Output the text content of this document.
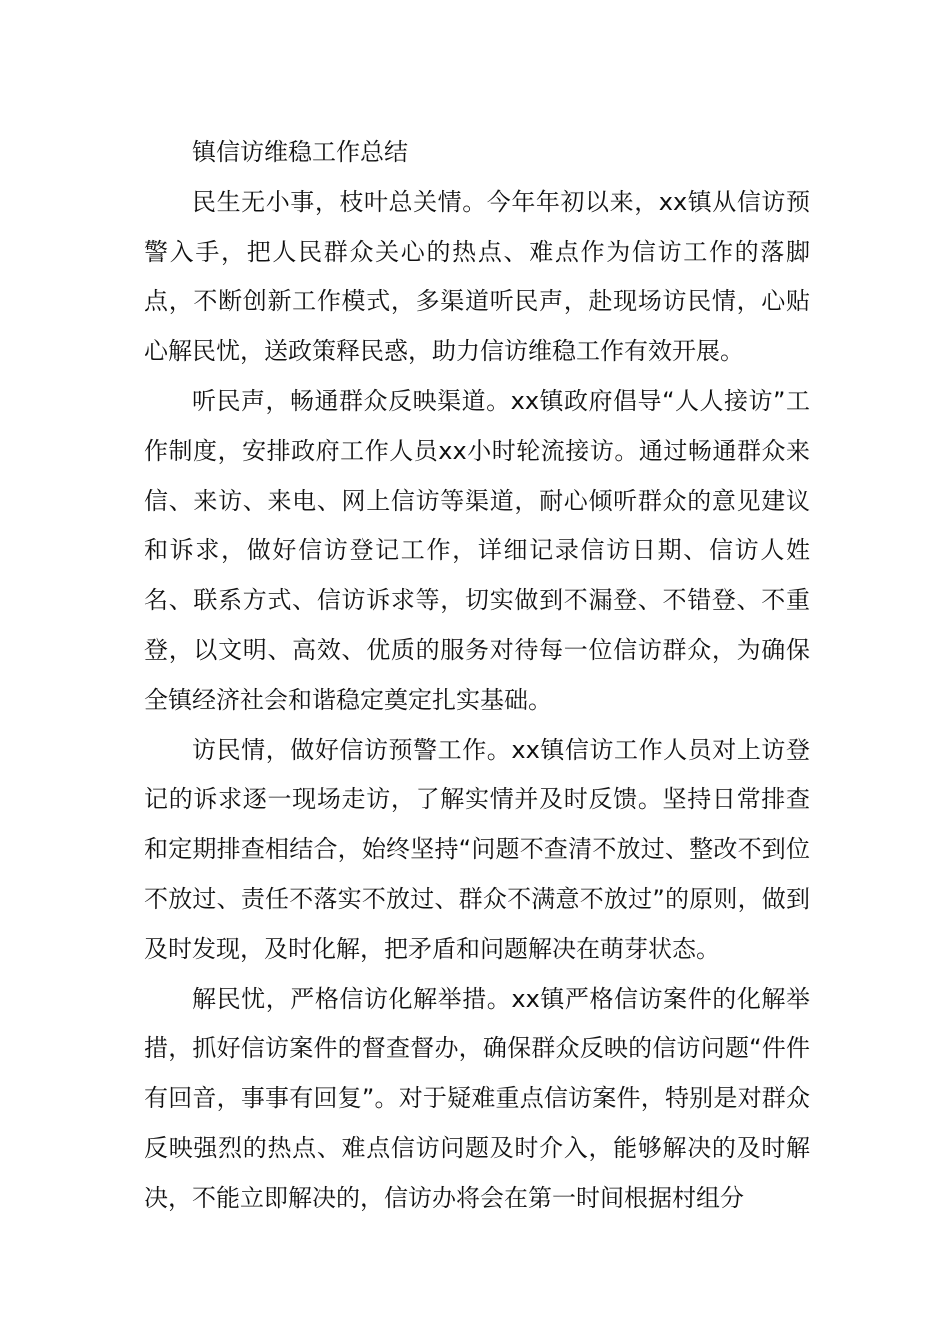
镇信访维稳工作总结

民生无小事，枝叶总关情。今年年初以来，xx镇从信访预警入手，把人民群众关心的热点、难点作为信访工作的落脚点，不断创新工作模式，多渠道听民声，赴现场访民情，心贴心解民忧，送政策释民惑，助力信访维稳工作有效开展。

听民声，畅通群众反映渠道。xx镇政府倡导“人人接访”工作制度，安排政府工作人员xx小时轮流接访。通过畅通群众来信、来访、来电、网上信访等渠道，耐心倾听群众的意见建议和诉求，做好信访登记工作，详细记录信访日期、信访人姓名、联系方式、信访诉求等，切实做到不漏登、不错登、不重登，以文明、高效、优质的服务对待每一位信访群众，为确保全镇经济社会和谐稳定奠定扎实基础。

访民情，做好信访预警工作。xx镇信访工作人员对上访登记的诉求逐一现场走访，了解实情并及时反馈。坚持日常排查和定期排查相结合，始终坚持“问题不查清不放过、整改不到位不放过、责任不落实不放过、群众不满意不放过”的原则，做到及时发现，及时化解，把矛盾和问题解决在萌芽状态。

解民忧，严格信访化解举措。xx镇严格信访案件的化解举措，抓好信访案件的督查督办，确保群众反映的信访问题“件件有回音，事事有回复”。对于疑难重点信访案件，特别是对群众反映强烈的热点、难点信访问题及时介入，能够解决的及时解决，不能立即解决的，信访办将会在第一时间根据村组分
